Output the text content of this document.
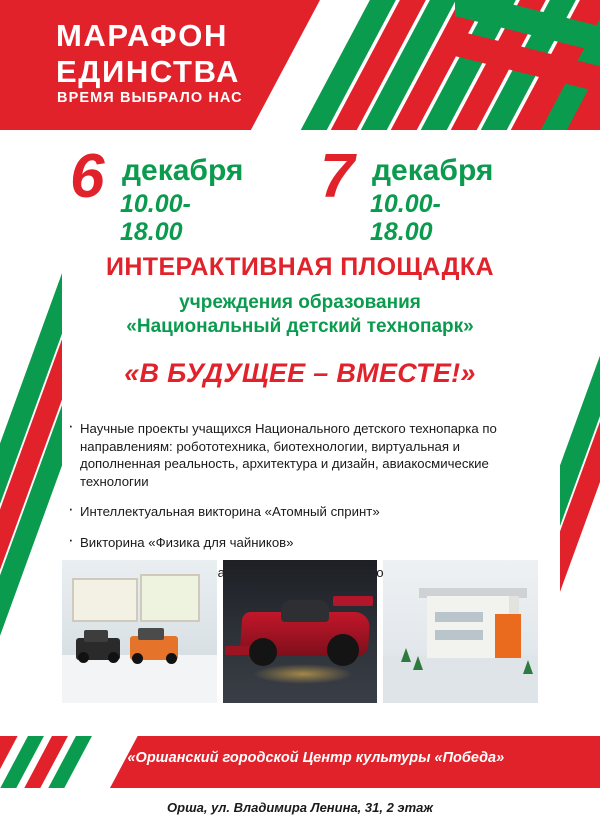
МАРАФОН
ЕДИНСТВА
ВРЕМЯ ВЫБРАЛО НАС
6 декабря
10.00-18.00
7 декабря
10.00-18.00
ИНТЕРАКТИВНАЯ ПЛОЩАДКА
учреждения образования
«Национальный детский технопарк»
«В БУДУЩЕЕ – ВМЕСТЕ!»
· Научные проекты учащихся Национального детского технопарка по направлениям: робототехника, биотехнологии, виртуальная и дополненная реальность, архитектура и дизайн, авиакосмические технологии
· Интеллектуальная викторина «Атомный спринт»
· Викторина «Физика для чайников»
· многое
ГУК «Оршанский городской Центр культуры «Победа»
Орша, ул. Владимира Ленина, 31, 2 этаж
